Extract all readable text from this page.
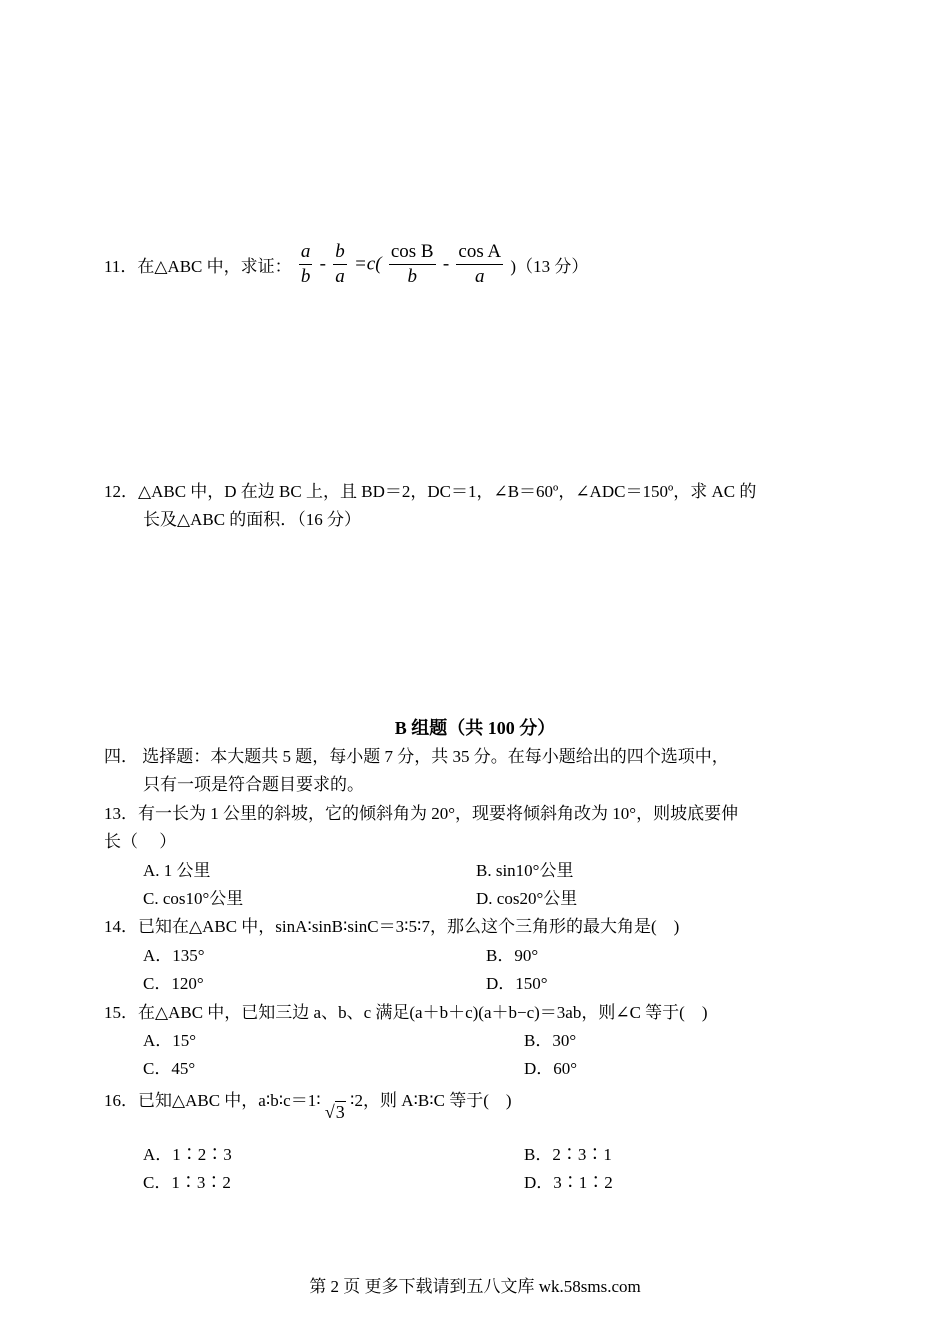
11．在△ABC 中，求证： $\frac{a}{b} - \frac{b}{a} =c( \frac{\text{cos B}}{b} - \frac{\text{cos A}}{a} )(13$ 分）
12．△ABC 中，D 在边 BC 上，且 BD＝2，DC＝1，∠B＝60º，∠ADC＝150º，求 AC 的
长及△ABC 的面积．（16 分）
B 组题（共 100 分）
四． 选择题：本大题共 5 题，每小题 7 分，共 35 分。在每小题给出的四个选项中，
只有一项是符合题目要求的。
13．有一长为 1 公里的斜坡，它的倾斜角为 20°，现要将倾斜角改为 10°，则坡底要伸
长（　 ）
A. 1 公里	B. sin10°公里
C. cos10°公里	D. cos20°公里
14．已知在△ABC 中，sinA∶sinB∶sinC＝3∶5∶7，那么这个三角形的最大角是(　)
A．135°	B．90°
C．120°	D．150°
15．在△ABC 中，已知三边 a、b、c 满足(a＋b＋c)(a＋b−c)＝3ab，则∠C 等于(　)
A．15°	B．30°
C．45°	D．60°
16．已知△ABC 中，a∶b∶c＝1∶ √3 ∶2，则 A∶B∶C 等于(　)
A．1∶2∶3	B．2∶3∶1
C．1∶3∶2	D．3∶1∶2
第 2 页 更多下载请到五八文库 wk.58sms.com
